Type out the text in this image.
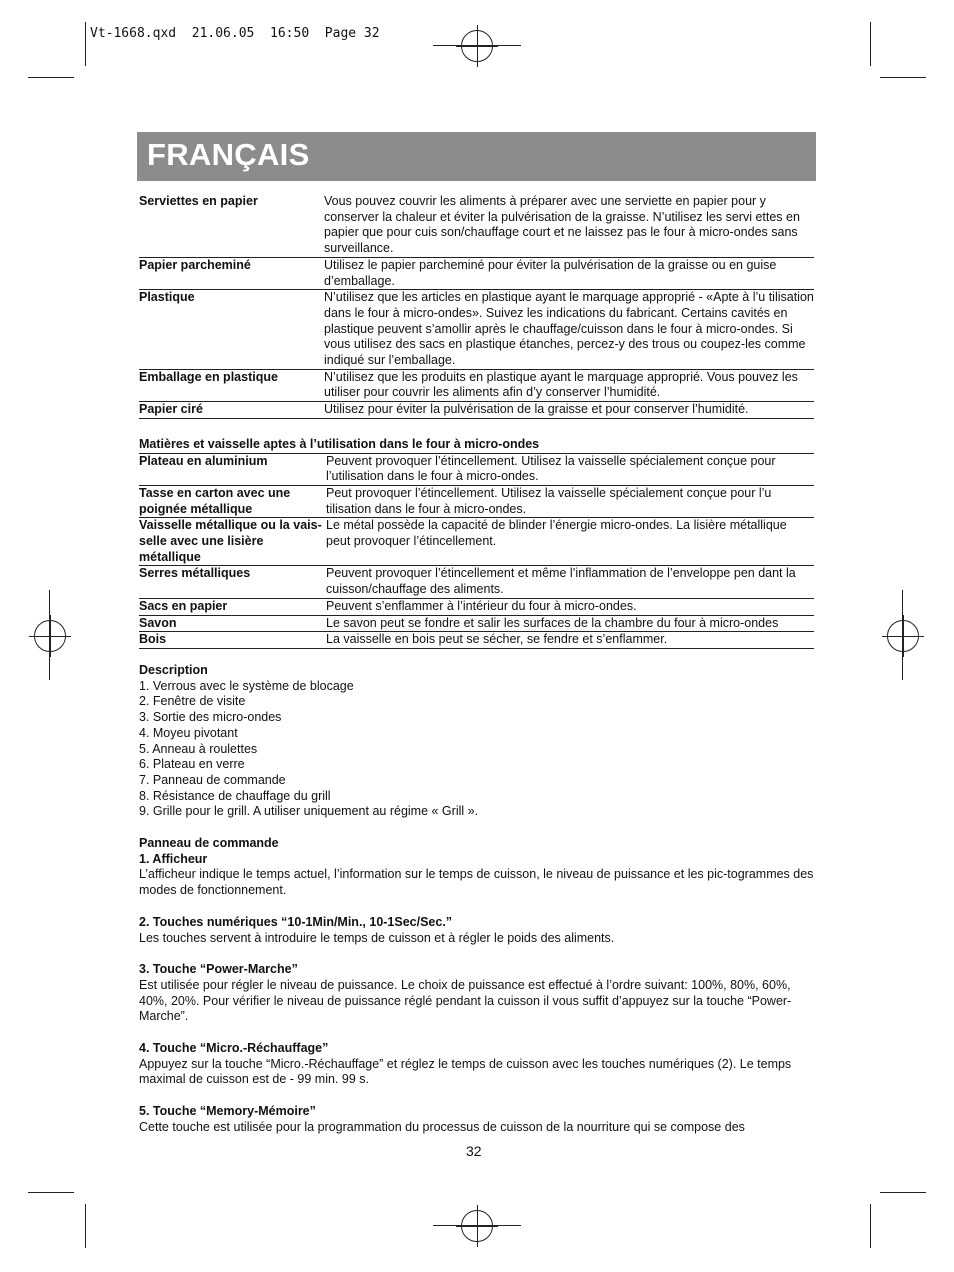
Vt-1668.qxd  21.06.05  16:50  Page 32
FRANÇAIS
Serviettes en papier	Vous pouvez couvrir les aliments à préparer avec une serviette en papier pour y conserver la chaleur et éviter la pulvérisation de la graisse. N’utilisez les servi ettes en papier que pour cuis son/chauffage court et ne laissez pas le four à micro-ondes sans surveillance.
Papier parcheminé	Utilisez le papier parcheminé pour éviter la pulvérisation de la graisse ou en guise d’emballage.
Plastique	N’utilisez que les articles en plastique ayant le marquage approprié - «Apte à l’u tilisation dans le four à micro-ondes». Suivez les indications du fabricant. Certains cavités en plastique peuvent s’amollir après le chauffage/cuisson dans le four à micro-ondes. Si vous utilisez des sacs en plastique étanches, percez-y des trous ou coupez-les comme indiqué sur l’emballage.
Emballage en plastique	N’utilisez que les produits en plastique ayant le marquage approprié. Vous pouvez les utiliser pour couvrir les aliments afin d’y conserver l’humidité.
Papier ciré	Utilisez pour éviter la pulvérisation de la graisse et pour conserver l’humidité.
Matières et vaisselle aptes à l’utilisation dans le four à micro-ondes
Plateau en aluminium	Peuvent provoquer l’étincellement. Utilisez la vaisselle spécialement conçue pour l’utilisation dans le four à micro-ondes.
Tasse en carton avec une poignée métallique	Peut provoquer l’étincellement. Utilisez la vaisselle spécialement conçue pour l’u tilisation dans le four à micro-ondes.
Vaisselle métallique ou la vais-selle avec une lisière métallique	Le métal possède la capacité de blinder l’énergie micro-ondes. La lisière métallique peut provoquer l’étincellement.
Serres métalliques	Peuvent provoquer l’étincellement et même l’inflammation de l’enveloppe pen dant la cuisson/chauffage des aliments.
Sacs en papier	Peuvent s’enflammer à l’intérieur du four à micro-ondes.
Savon	Le savon peut se fondre et salir les surfaces de la chambre du four à micro-ondes
Bois	La vaisselle en bois peut se sécher, se fendre et s’enflammer.
Description
1. Verrous avec le système de blocage
2. Fenêtre de visite
3. Sortie des micro-ondes
4. Moyeu pivotant
5. Anneau à roulettes
6. Plateau en verre
7. Panneau de commande
8. Résistance de chauffage du grill
9. Grille pour le grill. A utiliser uniquement au régime « Grill ».
Panneau de commande
1. Afficheur
L’afficheur indique le temps actuel, l’information sur le temps de cuisson, le niveau de puissance et les pic-togrammes des modes de fonctionnement.
2. Touches numériques “10-1Min/Min., 10-1Sec/Sec.”
Les touches servent à introduire le temps de cuisson et à régler le poids des aliments.
3. Touche “Power-Marche”
Est utilisée pour régler le niveau de puissance. Le choix de puissance est effectué à l’ordre suivant: 100%, 80%, 60%, 40%, 20%. Pour vérifier le niveau de puissance réglé pendant la cuisson il vous suffit d’appuyez sur la touche “Power-Marche”.
4. Touche “Micro.-Réchauffage”
Appuyez sur la touche “Micro.-Réchauffage” et réglez le temps de cuisson avec les touches numériques (2). Le temps maximal de cuisson est de - 99 min. 99 s.
5. Touche “Memory-Mémoire”
Cette touche est utilisée pour la programmation du processus de cuisson de la nourriture qui se compose des
32
